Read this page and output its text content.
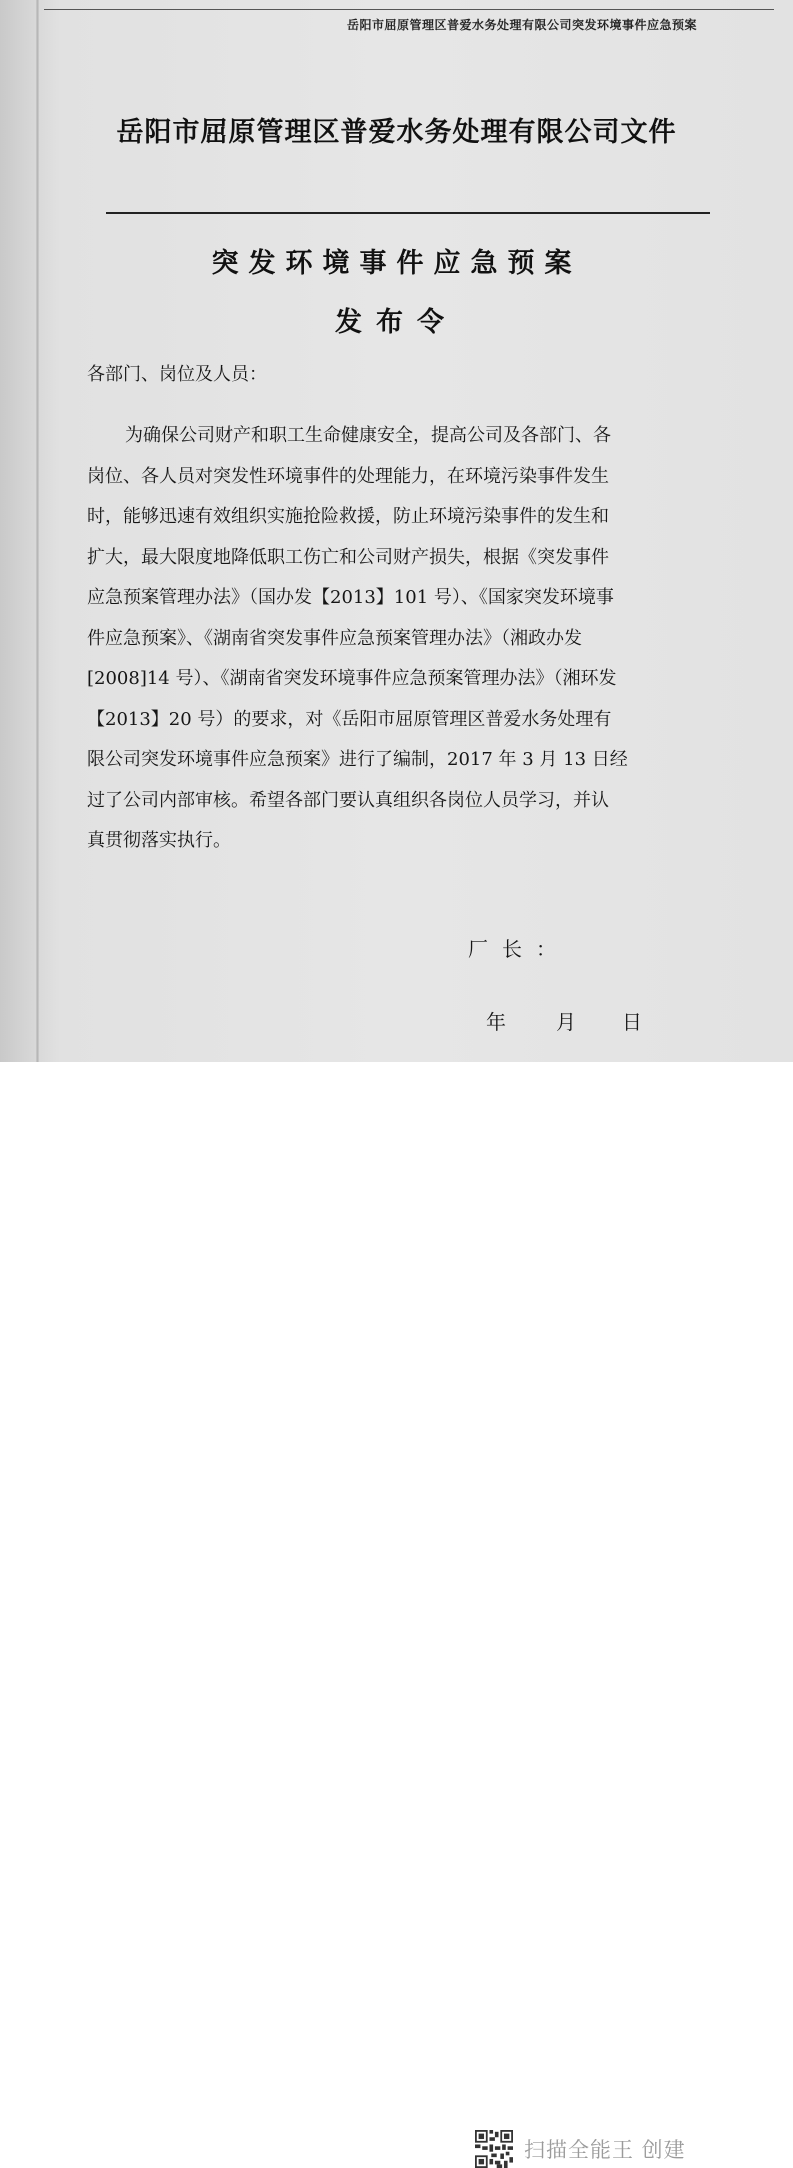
岳阳市屈原管理区普爱水务处理有限公司突发环境事件应急预案
岳阳市屈原管理区普爱水务处理有限公司文件
突发环境事件应急预案
发布令
各部门、岗位及人员：
为确保公司财产和职工生命健康安全，提高公司及各部门、各
岗位、各人员对突发性环境事件的处理能力，在环境污染事件发生
时，能够迅速有效组织实施抢险救援，防止环境污染事件的发生和
扩大，最大限度地降低职工伤亡和公司财产损失，根据《突发事件
应急预案管理办法》（国办发【2013】101 号）、《国家突发环境事
件应急预案》、《湖南省突发事件应急预案管理办法》（湘政办发
[2008]14 号）、《湖南省突发环境事件应急预案管理办法》（湘环发
【2013】20 号）的要求，对《岳阳市屈原管理区普爱水务处理有
限公司突发环境事件应急预案》进行了编制，2017 年 3 月 13 日经
过了公司内部审核。希望各部门要认真组织各岗位人员学习，并认
真贯彻落实执行。
厂长：
年	月 日
扫描全能王 创建
